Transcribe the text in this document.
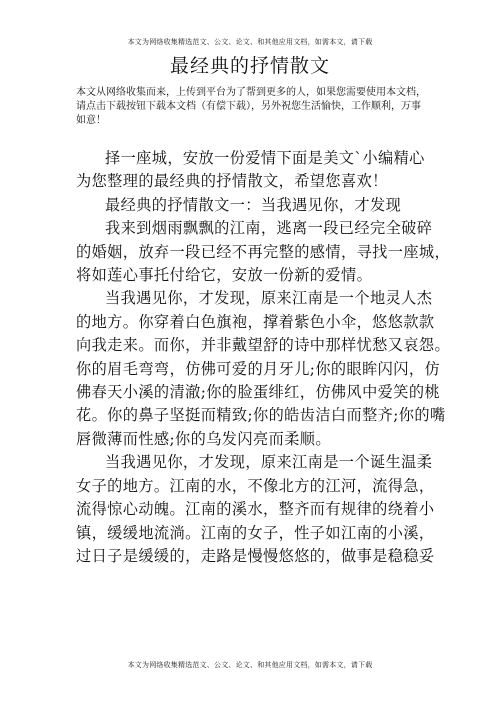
本文为网络收集精选范文、公文、论文、和其他应用文档，如需本文，请下载
最经典的抒情散文

本文从网络收集而来，上传到平台为了帮到更多的人，如果您需要使用本文档，

请点击下载按钮下载本文档（有偿下载），另外祝您生活愉快，工作顺利，万事

如意！

择一座城，安放一份爱情下面是美文`小编精心

为您整理的最经典的抒情散文，希望您喜欢！

最经典的抒情散文一：当我遇见你，才发现

我来到烟雨飘飘的江南，逃离一段已经完全破碎

的婚姻，放弃一段已经不再完整的感情，寻找一座城，

将如莲心事托付给它，安放一份新的爱情。

当我遇见你，才发现，原来江南是一个地灵人杰

的地方。你穿着白色旗袍，撑着紫色小伞，悠悠款款

向我走来。而你，并非戴望舒的诗中那样忧愁又哀怨。

你的眉毛弯弯，仿佛可爱的月牙儿;你的眼眸闪闪，仿

佛春天小溪的清澈;你的脸蛋绯红，仿佛风中爱笑的桃

花。你的鼻子坚挺而精致;你的皓齿洁白而整齐;你的嘴

唇微薄而性感;你的乌发闪亮而柔顺。

当我遇见你，才发现，原来江南是一个诞生温柔

女子的地方。江南的水，不像北方的江河，流得急，

流得惊心动魄。江南的溪水，整齐而有规律的绕着小

镇，缓缓地流淌。江南的女子，性子如江南的小溪，

过日子是缓缓的，走路是慢慢悠悠的，做事是稳稳妥

本文为网络收集精选范文、公文、论文、和其他应用文档，如需本文，请下载
